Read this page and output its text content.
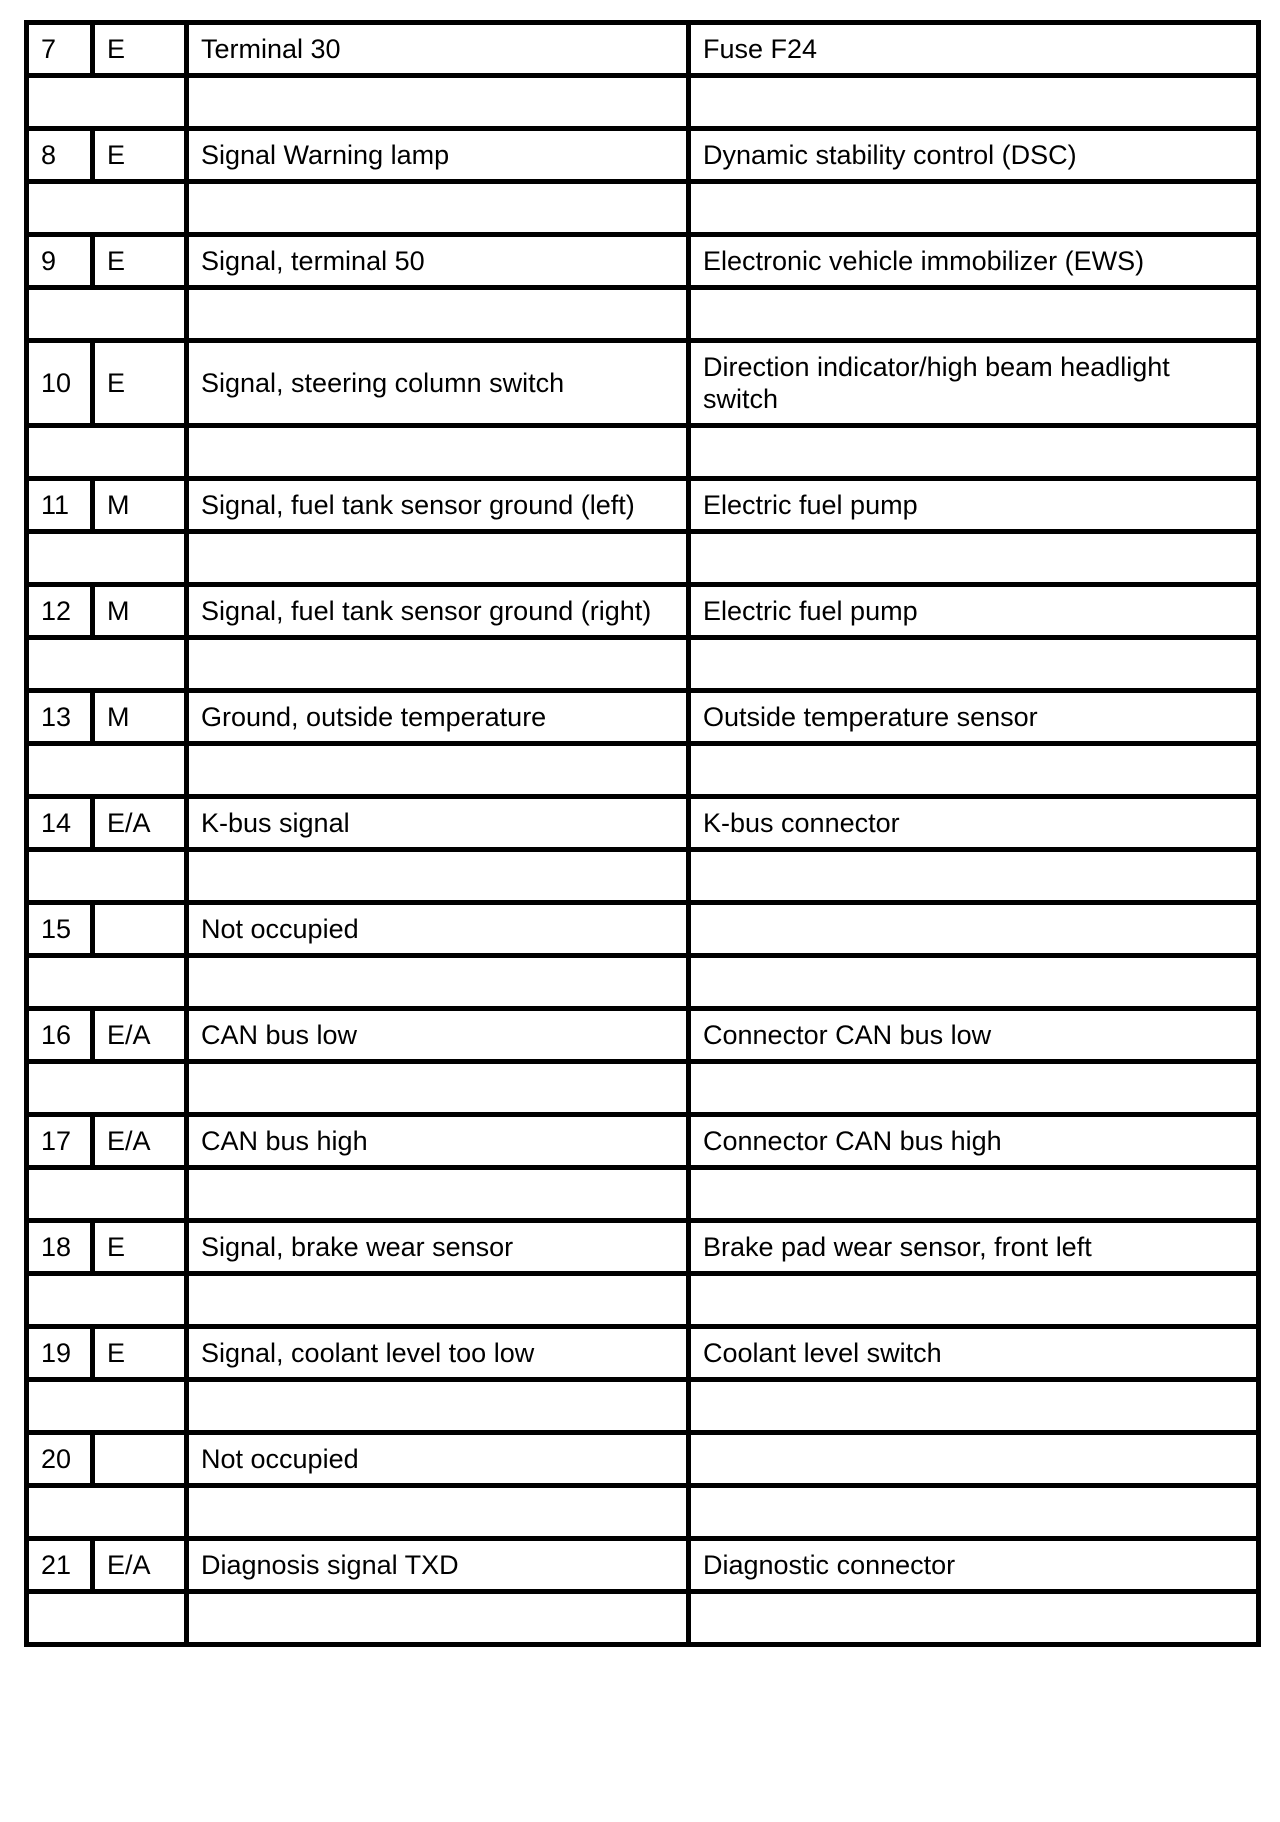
7	E	Terminal 30	Fuse F24

8	E	Signal Warning lamp	Dynamic stability control (DSC)

9	E	Signal, terminal 50	Electronic vehicle immobilizer (EWS)

10	E	Signal, steering column switch	Direction indicator/high beam headlight switch

11	M	Signal, fuel tank sensor ground (left)	Electric fuel pump

12	M	Signal, fuel tank sensor ground (right)	Electric fuel pump

13	M	Ground, outside temperature	Outside temperature sensor

14	E/A	K-bus signal	K-bus connector

15		Not occupied	

16	E/A	CAN bus low	Connector CAN bus low

17	E/A	CAN bus high	Connector CAN bus high

18	E	Signal, brake wear sensor	Brake pad wear sensor, front left

19	E	Signal, coolant level too low	Coolant level switch

20		Not occupied	

21	E/A	Diagnosis signal TXD	Diagnostic connector
